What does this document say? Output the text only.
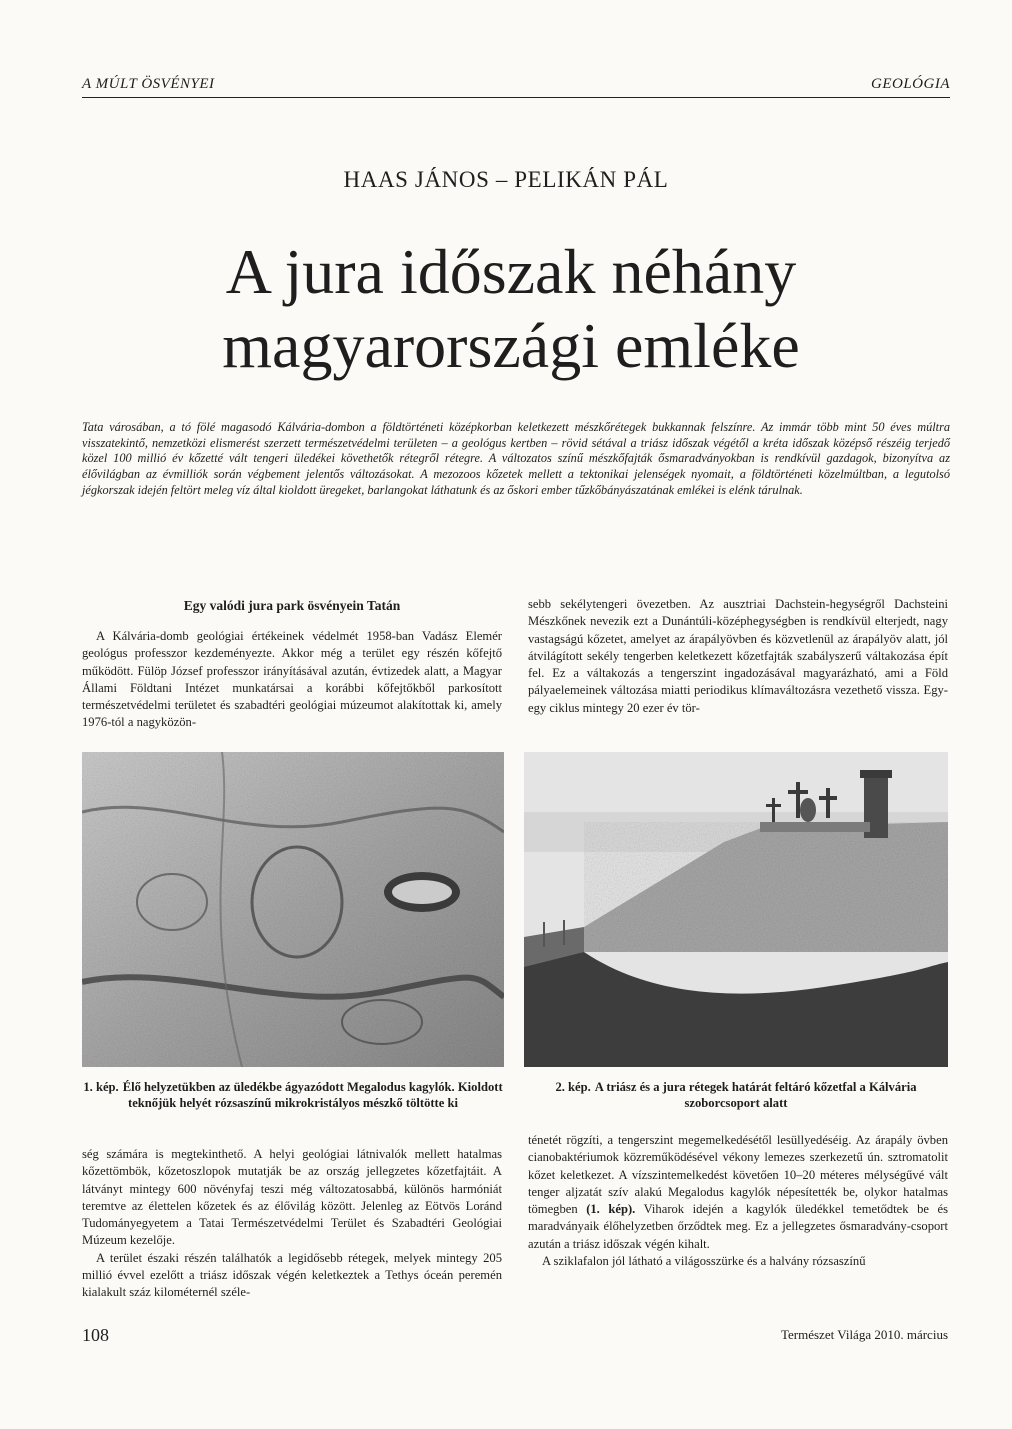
A MÚLT ÖSVÉNYEI	GEOLÓGIA
HAAS JÁNOS – PELIKÁN PÁL
A jura időszak néhány
magyarországi emléke

Tata városában, a tó fölé magasodó Kálvária-dombon a földtörténeti középkorban keletkezett mészkőrétegek bukkannak felszínre. Az immár több mint 50 éves múltra visszatekintő, nemzetközi elismerést szerzett természetvédelmi területen – a geológus kertben – rövid sétával a triász időszak végétől a kréta időszak középső részéig terjedő közel 100 millió év kőzetté vált tengeri üledékei követhetők rétegről rétegre. A változatos színű mészkőfajták ősmaradványokban is rendkívül gazdagok, bizonyítva az élővilágban az évmilliók során végbement jelentős változásokat. A mezozoos kőzetek mellett a tektonikai jelenségek nyomait, a földtörténeti közelmúltban, a legutolsó jégkorszak idején feltört meleg víz által kioldott üregeket, barlangokat láthatunk és az őskori ember tűzkőbányászatának emlékei is elénk tárulnak.

Egy valódi jura park ösvényein Tatán

A Kálvária-domb geológiai értékeinek védelmét 1958-ban Vadász Elemér geológus professzor kezdeményezte. Akkor még a terület egy részén kőfejtő működött. Fülöp József professzor irányításával azután, évtizedek alatt, a Magyar Állami Földtani Intézet munkatársai a korábbi kőfejtőkből parkosított természetvédelmi területet és szabadtéri geológiai múzeumot alakítottak ki, amely 1976-tól a nagyközön-

sebb sekélytengeri övezetben. Az ausztriai Dachstein-hegységről Dachsteini Mészkőnek nevezik ezt a Dunántúli-középhegységben is rendkívül elterjedt, nagy vastagságú kőzetet, amelyet az árapályövben és közvetlenül az árapályöv alatt, jól átvilágított sekély tengerben keletkezett kőzetfajták szabályszerű váltakozása épít fel. Ez a váltakozás a tengerszint ingadozásával magyarázható, ami a Föld pályaelemeinek változása miatti periodikus klímaváltozásra vezethető vissza. Egy-egy ciklus mintegy 20 ezer év tör-

1. kép. Élő helyzetükben az üledékbe ágyazódott Megalodus kagylók. Kioldott teknőjük helyét rózsaszínű mikrokristályos mészkő töltötte ki

2. kép. A triász és a jura rétegek határát feltáró kőzetfal a Kálvária szoborcsoport alatt

ség számára is megtekinthető. A helyi geológiai látnivalók mellett hatalmas kőzettömbök, kőzetoszlopok mutatják be az ország jellegzetes kőzetfajtáit. A látványt mintegy 600 növényfaj teszi még változatosabbá, különös harmóniát teremtve az élettelen kőzetek és az élővilág között. Jelenleg az Eötvös Loránd Tudományegyetem a Tatai Természetvédelmi Terület és Szabadtéri Geológiai Múzeum kezelője.

A terület északi részén találhatók a legidősebb rétegek, melyek mintegy 205 millió évvel ezelőtt a triász időszak végén keletkeztek a Tethys óceán peremén kialakult száz kilométernél széle-

ténetét rögzíti, a tengerszint megemelkedésétől lesüllyedéséig. Az árapály övben cianobaktériumok közreműködésével vékony lemezes szerkezetű ún. sztromatolit kőzet keletkezet. A vízszintemelkedést követően 10–20 méteres mélységűvé vált tenger aljzatát szív alakú Megalodus kagylók népesítették be, olykor hatalmas tömegben (1. kép). Viharok idején a kagylók üledékkel temetődtek be és maradványaik élőhelyzetben őrződtek meg. Ez a jellegzetes ősmaradvány-csoport azután a triász időszak végén kihalt.

A sziklafalon jól látható a világosszürke és a halvány rózsaszínű

108	Természet Világa 2010. március
